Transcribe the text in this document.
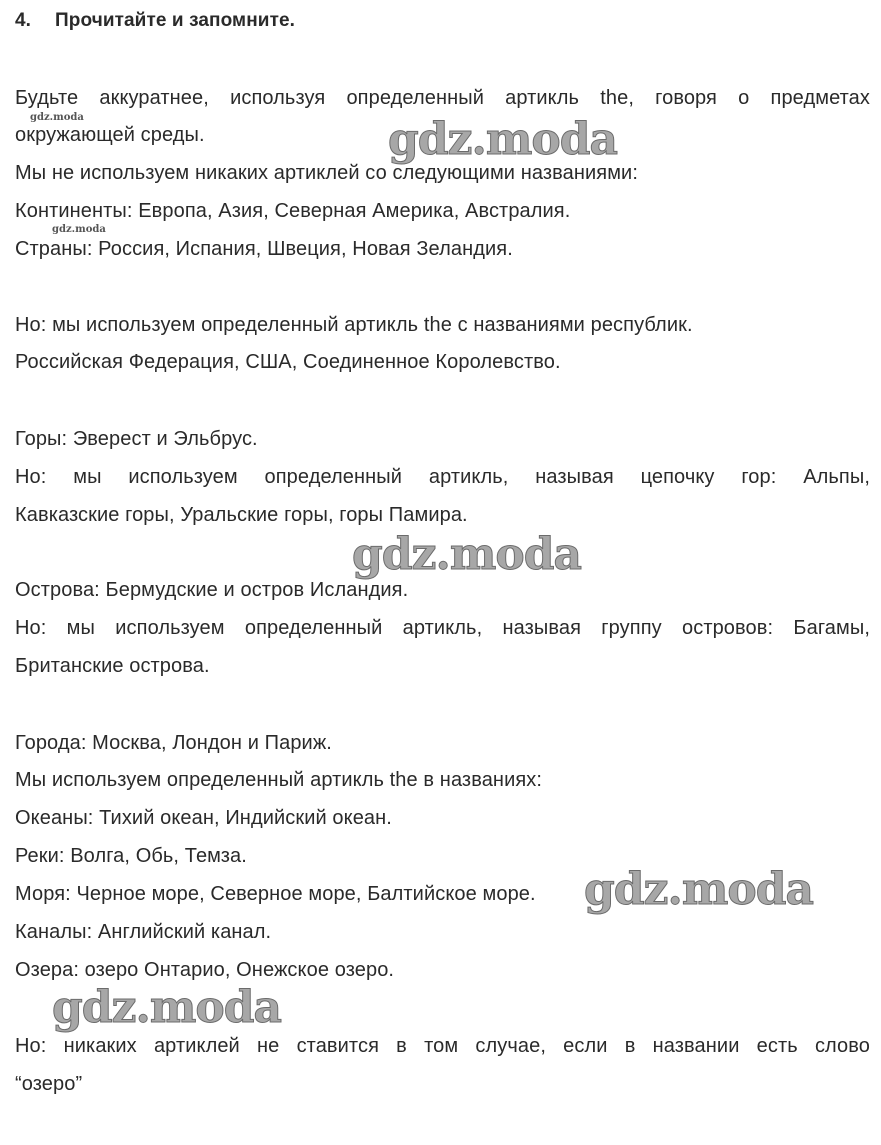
4. Прочитайте и запомните.
Будьте аккуратнее, используя определенный артикль the, говоря о предметах
окружающей среды.
Мы не используем никаких артиклей со следующими названиями:
Континенты: Европа, Азия, Северная Америка, Австралия.
Страны: Россия, Испания, Швеция, Новая Зеландия.
Но: мы используем определенный артикль the с названиями республик.
Российская Федерация, США, Соединенное Королевство.
Горы: Эверест и Эльбрус.
Но: мы используем определенный артикль, называя цепочку гор: Альпы,
Кавказские горы, Уральские горы, горы Памира.
Острова: Бермудские и остров Исландия.
Но: мы используем определенный артикль, называя группу островов: Багамы,
Британские острова.
Города: Москва, Лондон и Париж.
Мы используем определенный артикль the в названиях:
Океаны: Тихий океан, Индийский океан.
Реки: Волга, Обь, Темза.
Моря: Черное море, Северное море, Балтийское море.
Каналы: Английский канал.
Озера: озеро Онтарио, Онежское озеро.
Но: никаких артиклей не ставится в том случае, если в названии есть слово
“озеро”
gdz.moda
gdz.moda
gdz.moda
gdz.moda
gdz.moda
gdz.moda
